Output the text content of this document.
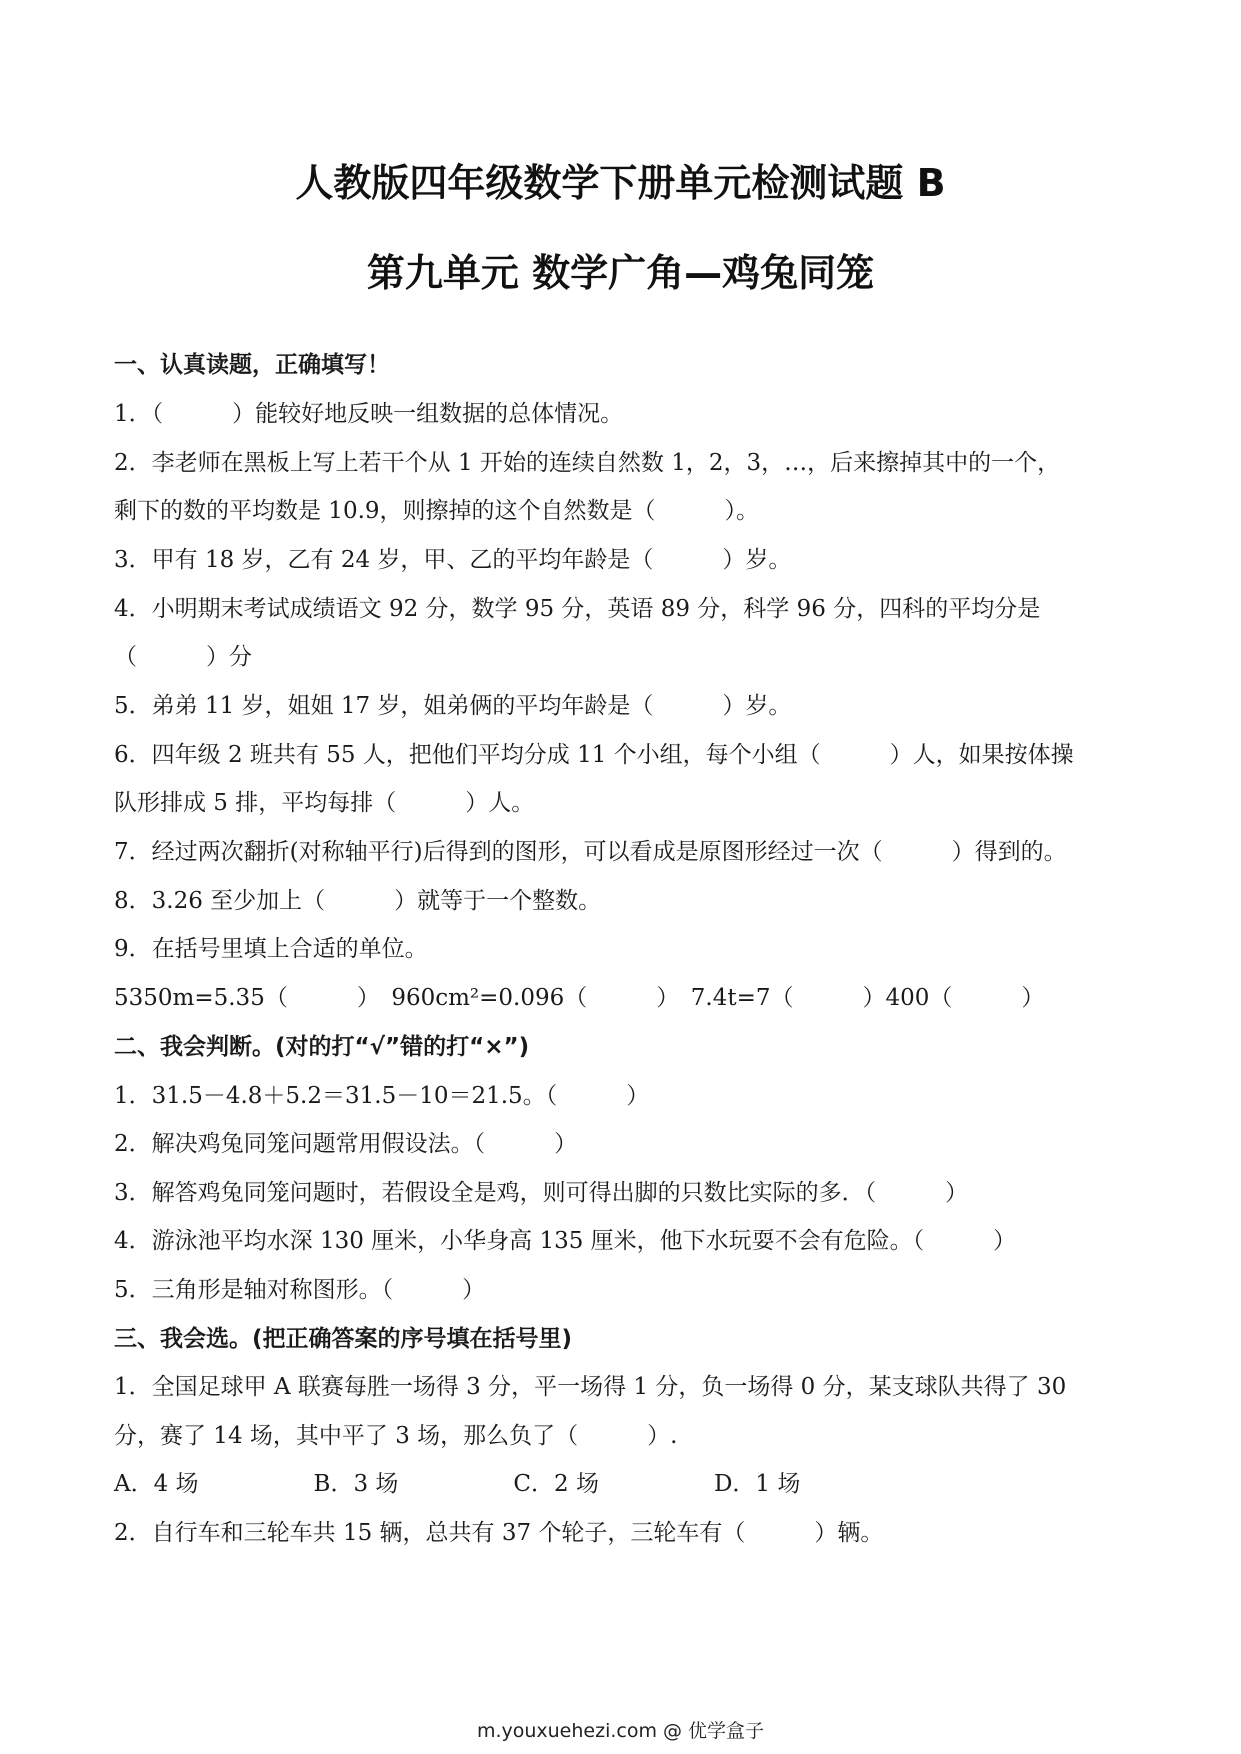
人教版四年级数学下册单元检测试题 B
第九单元 数学广角—鸡兔同笼
一、认真读题，正确填写！
1．（　　　）能较好地反映一组数据的总体情况。
2．李老师在黑板上写上若干个从 1 开始的连续自然数 1，2，3，…，后来擦掉其中的一个，
剩下的数的平均数是 10.9，则擦掉的这个自然数是（　　　）。
3．甲有 18 岁，乙有 24 岁，甲、乙的平均年龄是（　　　）岁。
4．小明期末考试成绩语文 92 分，数学 95 分，英语 89 分，科学 96 分，四科的平均分是
（　　　）分
5．弟弟 11 岁，姐姐 17 岁，姐弟俩的平均年龄是（　　　）岁。
6．四年级 2 班共有 55 人，把他们平均分成 11 个小组，每个小组（　　　）人，如果按体操
队形排成 5 排，平均每排（　　　）人。
7．经过两次翻折(对称轴平行)后得到的图形，可以看成是原图形经过一次（　　　）得到的。
8．3.26 至少加上（　　　）就等于一个整数。
9．在括号里填上合适的单位。
5350m=5.35（　　　）　960cm²=0.096（　　　）　7.4t=7（　　　）400（　　　）
二、我会判断。(对的打“√”错的打“×”)
1．31.5－4.8＋5.2＝31.5－10＝21.5。（　　　）
2．解决鸡兔同笼问题常用假设法。（　　　）
3．解答鸡兔同笼问题时，若假设全是鸡，则可得出脚的只数比实际的多．（　　　）
4．游泳池平均水深 130 厘米，小华身高 135 厘米，他下水玩耍不会有危险。（　　　）
5．三角形是轴对称图形。（　　　）
三、我会选。(把正确答案的序号填在括号里)
1．全国足球甲 A 联赛每胜一场得 3 分，平一场得 1 分，负一场得 0 分，某支球队共得了 30
分，赛了 14 场，其中平了 3 场，那么负了（　　　）.
A．4 场　　　　　B．3 场　　　　　C．2 场　　　　　D．1 场
2．自行车和三轮车共 15 辆，总共有 37 个轮子，三轮车有（　　　）辆。
m.youxuehezi.com @ 优学盒子
